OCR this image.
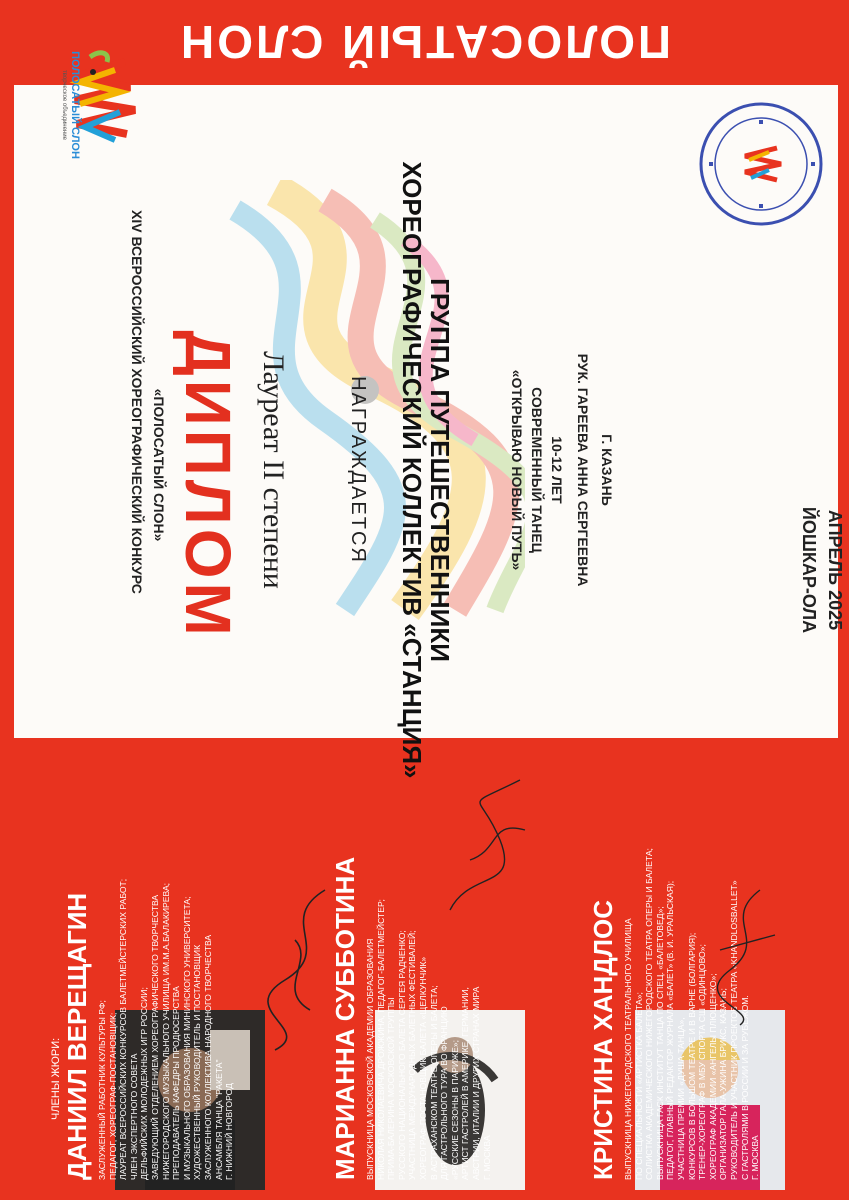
ПОЛОСАТЫЙ СЛОН
ПОЛОСАТЫЙ СЛОН
творческое объединение
XIV ВСЕРОССИЙСКИЙ ХОРЕОГРАФИЧЕСКИЙ КОНКУРС «ПОЛОСАТЫЙ СЛОН» ДИПЛОМ Лауреат II степени	НАГРАЖДАЕТСЯ ХОРЕОГРАФИЧЕСКИЙ КОЛЛЕКТИВ «СТАНЦИЯ»
ГРУППА ПУТЕШЕСТВЕННИКИ	«ОТКРЫВАЮ НОВЫЙ ПУТЬ» СОВРЕМЕННЫЙ ТАНЕЦ 10-12 ЛЕТ РУК. ГАРЕЕВА АННА СЕРГЕЕВНА Г. КАЗАНЬ
ЙОШКАР-ОЛА АПРЕЛЬ 2025
ЧЛЕНЫ ЖЮРИ: ДАНИИЛ ВЕРЕЩАГИН ЗАСЛУЖЕННЫЙ РАБОТНИК КУЛЬТУРЫ РФ; ПЕДАГОГ, ХОРЕОГРАФ-ПОСТАНОВЩИК; ЛАУРЕАТ ВСЕРОССИЙСКИХ КОНКУРСОВ БАЛЕТМЕЙСТЕРСКИХ РАБОТ; ЧЛЕН ЭКСПЕРТНОГО СОВЕТА ДЕЛЬФИЙСКИХ МОЛОДЕЖНЫХ ИГР РОССИИ; ЗАВЕДУЮЩИЙ ОТДЕЛЕНИЕМ ХОРЕОГРАФИЧЕСКОГО ТВОРЧЕСТВА НИЖЕГОРОДСКОГО МУЗЫКАЛЬНОГО УЧИЛИЩА ИМ.М.А.БАЛАКИРЕВА; ПРЕПОДАВАТЕЛЬ КАФЕДРЫ ПРОДЮСЕРСТВА И МУЗЫКАЛЬНОГО ОБРАЗОВАНИЯ МИНИНСКОГО УНИВЕРСИТЕТА; ХУДОЖЕСТВЕННЫЙ РУКОВОДИТЕЛЬ И ПОСТАНОВЩИК ЗАСЛУЖЕННОГО КОЛЛЕКТИВА НАРОДНОГО ТВОРЧЕСТВА АНСАМБЛЯ ТАНЦА "РАКЕТА" Г. НИЖНИЙ НОВГОРОД	МАРИАННА СУББОТИНА ВЫПУСКНИЦА МОСКОВСКОЙ АКАДЕМИИ ОБРАЗОВАНИЯ НИКОЛАЯ НИКОЛАЕВИЧА ДРОЖЖИНА, ПЕДАГОГ-БАЛЕТМЕЙСТЕР; ПРИМА-БАЛЕРИНА МОСКОВСКОЙ ТРУППЫ РУССКОГО НАЦИОНАЛЬНОГО БАЛЕТА СЕРГЕЯ РАДЧЕНКО; УЧАСТНИЦА МЕЖДУНАРОДНЫХ БАЛЕТНЫХ ФЕСТИВАЛЕЙ; ХОРЕОГРАФ-ПОСТАНОВЩИК БАЛЕТА «ЩЕЛКУНЧИК» В АСТРАХАНСКОМ ТЕАТРЕ ОПЕРЫ И БАЛЕТА; ДЛЯ ГАСТРОЛЬНОГО ТУРА ВО ФРАНЦИЮ «РУССКИЕ СЕЗОНЫ В ПАРИЖЕ»; АРТИСТ ГАСТРОЛЕЙ В АМЕРИКЕ, ГЕРМАНИИ, АВСТРИИ, ИТАЛИИ И ДРУГИХ СТРАНАХ МИРА Г. МОСКВА	КРИСТИНА ХАНДЛОС ВЫПУСКНИЦА НИЖЕГОРОДСКОГО ТЕАТРАЛЬНОГО УЧИЛИЩА ПО СПЕЦИАЛЬНОСТИ «АРТИСТКА БАЛЕТА»; СОЛИСТКА АКАДЕМИЧЕСКОГО НИЖЕГОРОДСКОГО ТЕАТРА ОПЕРЫ И БАЛЕТА; ВЫПУСКНИЦА ГАСК ИНСТИТУТ ТАНЦА ПО СПЕЦ. «БАЛЕТОВЕД»; ПЕДАГОГ, ГЛАВНЫЙ РЕДАКТОР ЖУРНАЛА «БАЛЕТ» (В. И. УРАЛЬСКАЯ); УЧАСТНИЦА ПРЕМИИ «ДУША ТАНЦА», КОНКУРСОВ В БОЛЬШОМ ТЕАТРЕ И В ВАРНЕ (БОЛГАРИЯ); ТРЕНЕР-ХОРЕОГРАФ В МБУ СПОРТА СШ «ОДИНЦОВО»; ХОРЕОГРАФ АКАДЕМИИ «АНГЕЛЫ ПЛЮЩЕНКО»; ОРГАНИЗАТОР ГАЛА-УЖИНА БРИКС, КАЗАНЬ; РУКОВОДИТЕЛЬ И УЧАСТНИК ПРОЕКТОВ ТЕАТРА «KHANDLOSBALLET» С ГАСТРОЛЯМИ В РОССИИ И ЗА РУБЕЖОМ. Г. МОСКВА
